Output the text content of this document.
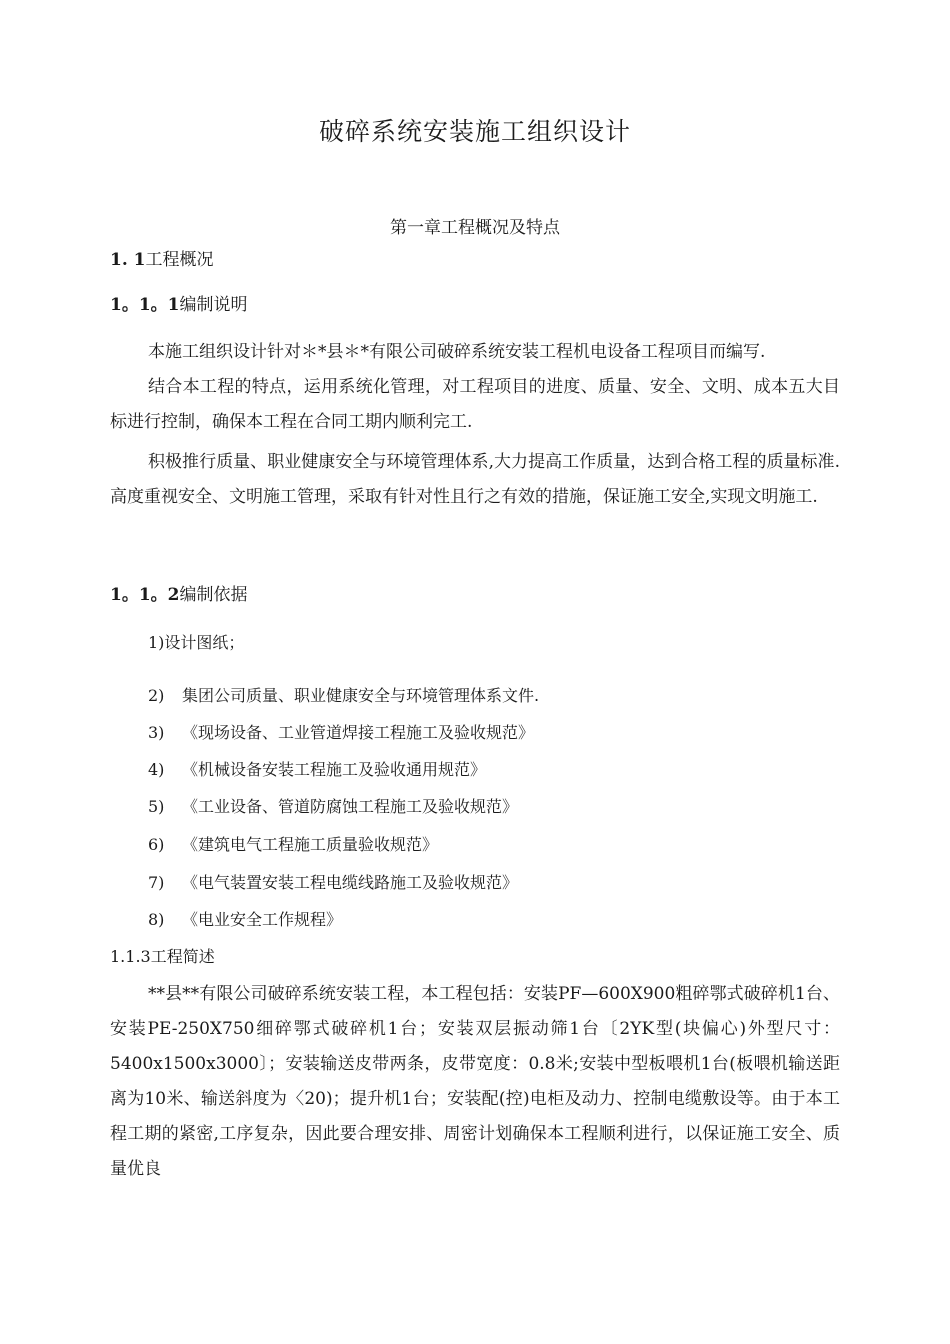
破碎系统安装施工组织设计
第一章工程概况及特点
1. 1工程概况
1。1。1编制说明
本施工组织设计针对＊*县＊*有限公司破碎系统安装工程机电设备工程项目而编写.
结合本工程的特点，运用系统化管理，对工程项目的进度、质量、安全、文明、成本五大目标进行控制，确保本工程在合同工期内顺利完工.
积极推行质量、职业健康安全与环境管理体系,大力提高工作质量，达到合格工程的质量标准.高度重视安全、文明施工管理，采取有针对性且行之有效的措施，保证施工安全,实现文明施工.
1。1。2编制依据
1)设计图纸；
2) 集团公司质量、职业健康安全与环境管理体系文件.
3) 《现场设备、工业管道焊接工程施工及验收规范》
4) 《机械设备安装工程施工及验收通用规范》
5) 《工业设备、管道防腐蚀工程施工及验收规范》
6) 《建筑电气工程施工质量验收规范》
7) 《电气装置安装工程电缆线路施工及验收规范》
8) 《电业安全工作规程》
1.1.3工程简述
**县**有限公司破碎系统安装工程，本工程包括：安装PF—600X900粗碎鄂式破碎机1台、安装PE-250X750细碎鄂式破碎机1台；安装双层振动筛1台〔2YK型(块偏心)外型尺寸：5400x1500x3000〕；安装输送皮带两条，皮带宽度：0.8米;安装中型板喂机1台(板喂机输送距离为10米、输送斜度为〈20)；提升机1台；安装配(控)电柜及动力、控制电缆敷设等。由于本工程工期的紧密,工序复杂，因此要合理安排、周密计划确保本工程顺利进行，以保证施工安全、质量优良
